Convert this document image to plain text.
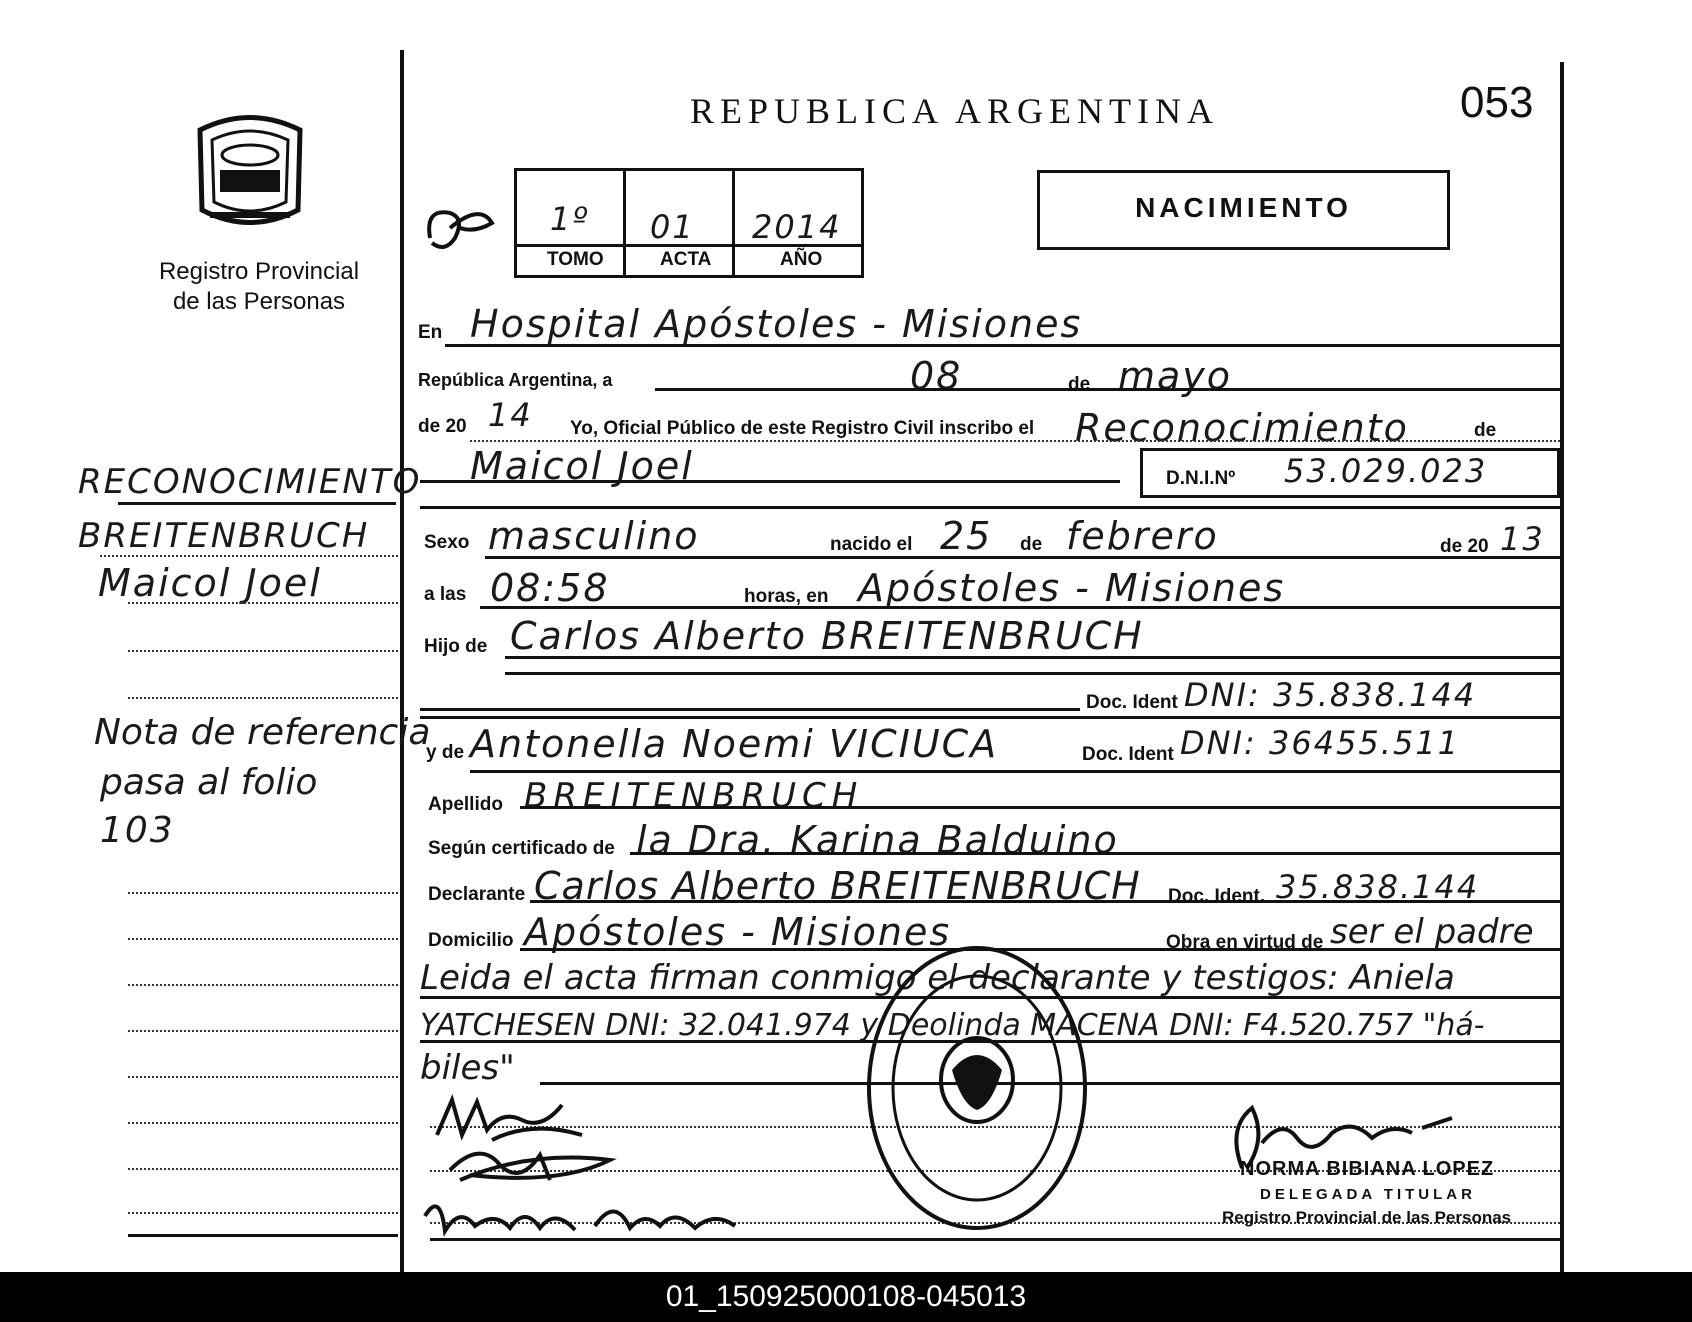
Registro Provincial
de las Personas
REPUBLICA ARGENTINA	053
1º 01 2014
TOMO	ACTA	AÑO
NACIMIENTO
RECONOCIMIENTO
BREITENBRUCH
Maicol Joel
Nota de referencia
pasa al folio
103
En Hospital Apóstoles - Misiones
República Argentina, a	08	de mayo
de 20 14 Yo, Oficial Público de este Registro Civil inscribo el Reconocimiento	de
Maicol Joel	D.N.I.Nº 53.029.023
Sexo masculino	nacido el 25 de febrero	de 20 13
a las 08:58	horas, en Apóstoles - Misiones
Hijo de Carlos Alberto BREITENBRUCH
Doc. Ident DNI: 35.838.144
y de Antonella Noemi VICIUCA	Doc. Ident DNI: 36455.511
Apellido BREITENBRUCH
Según certificado de la Dra. Karina Balduino
Declarante Carlos Alberto BREITENBRUCH Doc. Ident. 35.838.144
Domicilio Apóstoles - Misiones	Obra en virtud de ser el padre
Leida el acta firman conmigo el declarante y testigos: Aniela
YATCHESEN DNI: 32.041.974 y Deolinda MACENA DNI: F4.520.757 "há-
biles"
NORMA BIBIANA LOPEZ
DELEGADA TITULAR
Registro Provincial de las Personas
01_150925000108-045013
